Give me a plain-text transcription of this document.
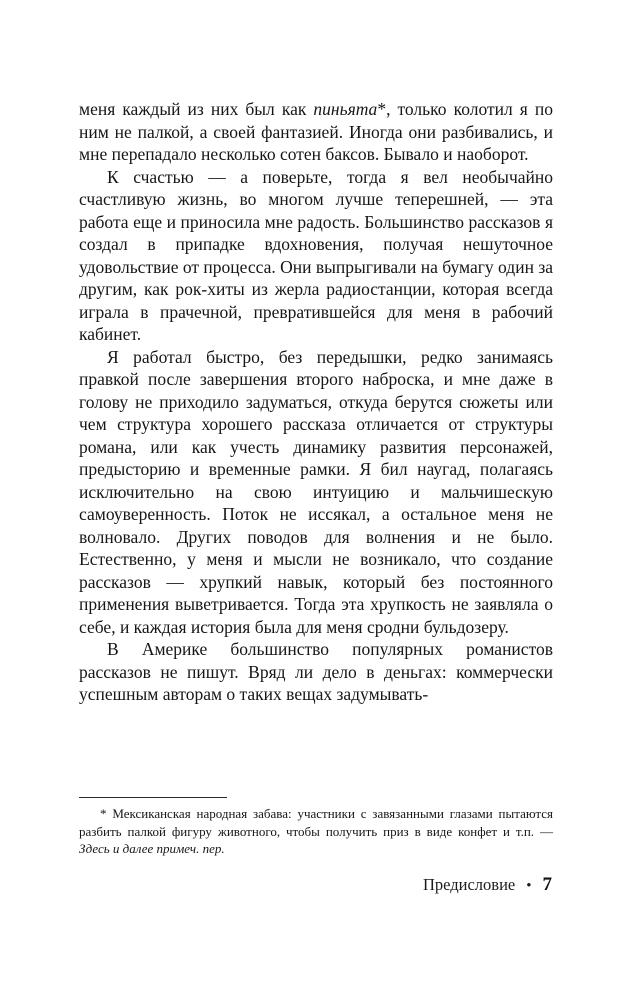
меня каждый из них был как пиньята*, только колотил я по ним не палкой, а своей фантазией. Иногда они разбивались, и мне перепадало несколько сотен баксов. Бывало и наоборот.

К счастью — а поверьте, тогда я вел необычайно счастливую жизнь, во многом лучше теперешней, — эта работа еще и приносила мне радость. Большинство рассказов я создал в припадке вдохновения, получая нешуточное удовольствие от процесса. Они выпрыгивали на бумагу один за другим, как рок-хиты из жерла радиостанции, которая всегда играла в прачечной, превратившейся для меня в рабочий кабинет.

Я работал быстро, без передышки, редко занимаясь правкой после завершения второго наброска, и мне даже в голову не приходило задуматься, откуда берутся сюжеты или чем структура хорошего рассказа отличается от структуры романа, или как учесть динамику развития персонажей, предысторию и временные рамки. Я бил наугад, полагаясь исключительно на свою интуицию и мальчишескую самоуверенность. Поток не иссякал, а остальное меня не волновало. Других поводов для волнения и не было. Естественно, у меня и мысли не возникало, что создание рассказов — хрупкий навык, который без постоянного применения выветривается. Тогда эта хрупкость не заявляла о себе, и каждая история была для меня сродни бульдозеру.

В Америке большинство популярных романистов рассказов не пишут. Вряд ли дело в деньгах: коммерчески успешным авторам о таких вещах задумывать-

* Мексиканская народная забава: участники с завязанными глазами пытаются разбить палкой фигуру животного, чтобы получить приз в виде конфет и т.п. — Здесь и далее примеч. пер.

Предисловие • 7
